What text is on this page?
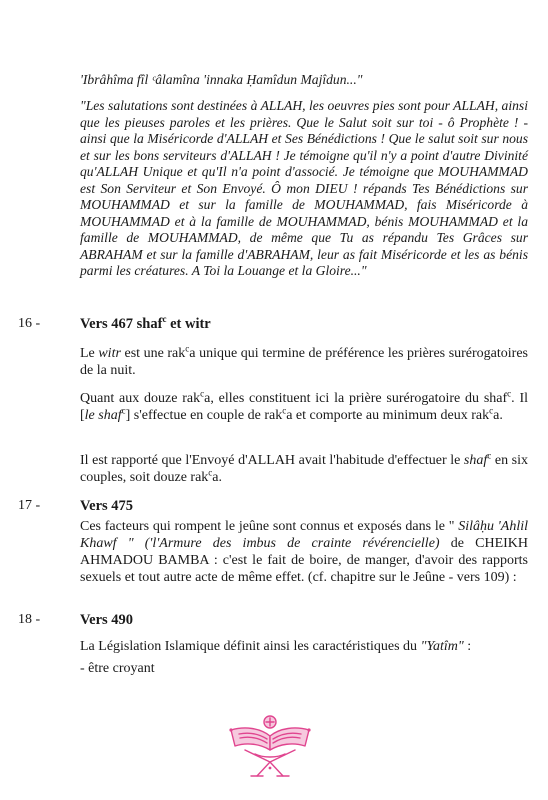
'Ibrâhîma fîl ᶜâlamîna 'innaka Ḥamîdun Majîdun..."
"Les salutations sont destinées à ALLAH, les oeuvres pies sont pour ALLAH, ainsi que les pieuses paroles et les prières. Que le Salut soit sur toi - ô Prophète ! - ainsi que la Miséricorde d'ALLAH et Ses Bénédictions ! Que le salut soit sur nous et sur les bons serviteurs d'ALLAH ! Je témoigne qu'il n'y a point d'autre Divinité qu'ALLAH Unique et qu'Il n'a point d'associé. Je témoigne que MOUHAMMAD est Son Serviteur et Son Envoyé. Ô mon DIEU ! répands Tes Bénédictions sur MOUHAMMAD et sur la famille de MOUHAMMAD, fais Miséricorde à MOUHAMMAD et à la famille de MOUHAMMAD, bénis MOUHAMMAD et la famille de MOUHAMMAD, de même que Tu as répandu Tes Grâces sur ABRAHAM et sur la famille d'ABRAHAM, leur as fait Miséricorde et les as bénis parmi les créatures. A Toi la Louange et la Gloire..."
16 -	Vers 467 shaf$^c$ et witr
Le witr est une rak$^c$a unique qui termine de préférence les prières surérogatoires de la nuit.
Quant aux douze rak$^c$a, elles constituent ici la prière surérogatoire du shaf$^c$. Il [le shaf$^c$] s'effectue en couple de rak$^c$a et comporte au minimum deux rak$^c$a.
Il est rapporté que l'Envoyé d'ALLAH avait l'habitude d'effectuer le shaf$^c$ en six couples, soit douze rak$^c$a.
17 -	Vers 475
Ces facteurs qui rompent le jeûne sont connus et exposés dans le " Silâḥu 'Ahlil Khawf " ('l'Armure des imbus de crainte révérencielle) de CHEIKH AHMADOU BAMBA : c'est le fait de boire, de manger, d'avoir des rapports sexuels et tout autre acte de même effet. (cf. chapitre sur le Jeûne - vers 109) :
18 -	Vers 490
La Législation Islamique définit ainsi les caractéristiques du "Yatîm" :
- être croyant
